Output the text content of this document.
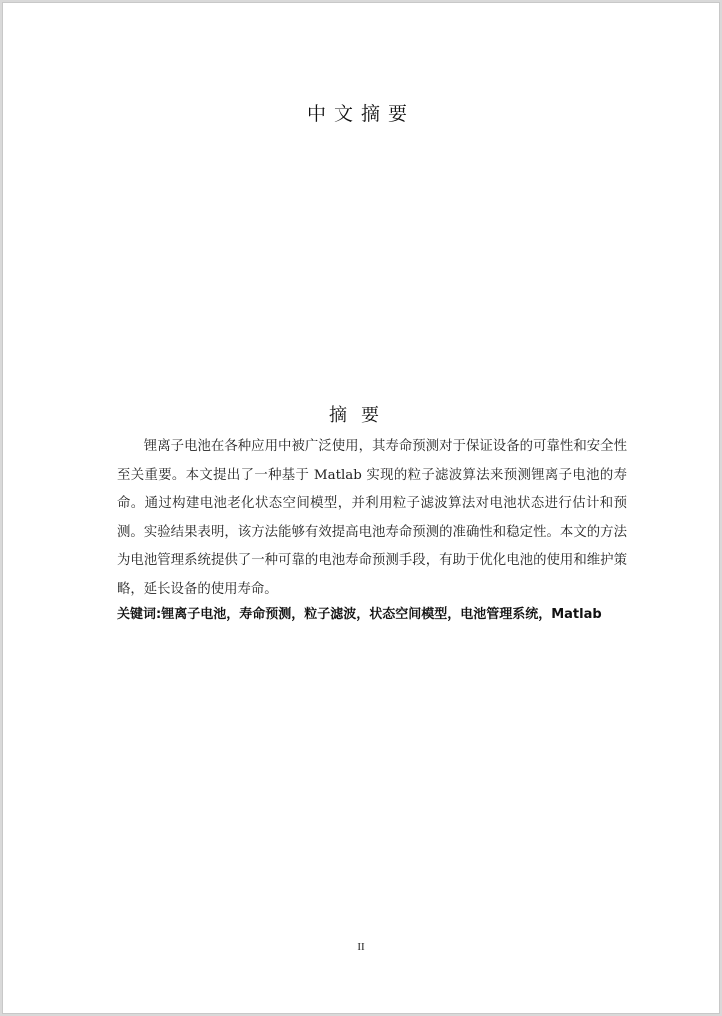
中文摘要
摘要

锂离子电池在各种应用中被广泛使用，其寿命预测对于保证设备的可靠性和安全性至关重要。本文提出了一种基于 Matlab 实现的粒子滤波算法来预测锂离子电池的寿命。通过构建电池老化状态空间模型，并利用粒子滤波算法对电池状态进行估计和预测。实验结果表明，该方法能够有效提高电池寿命预测的准确性和稳定性。本文的方法为电池管理系统提供了一种可靠的电池寿命预测手段，有助于优化电池的使用和维护策略，延长设备的使用寿命。

关键词:锂离子电池，寿命预测，粒子滤波，状态空间模型，电池管理系统，Matlab
II
